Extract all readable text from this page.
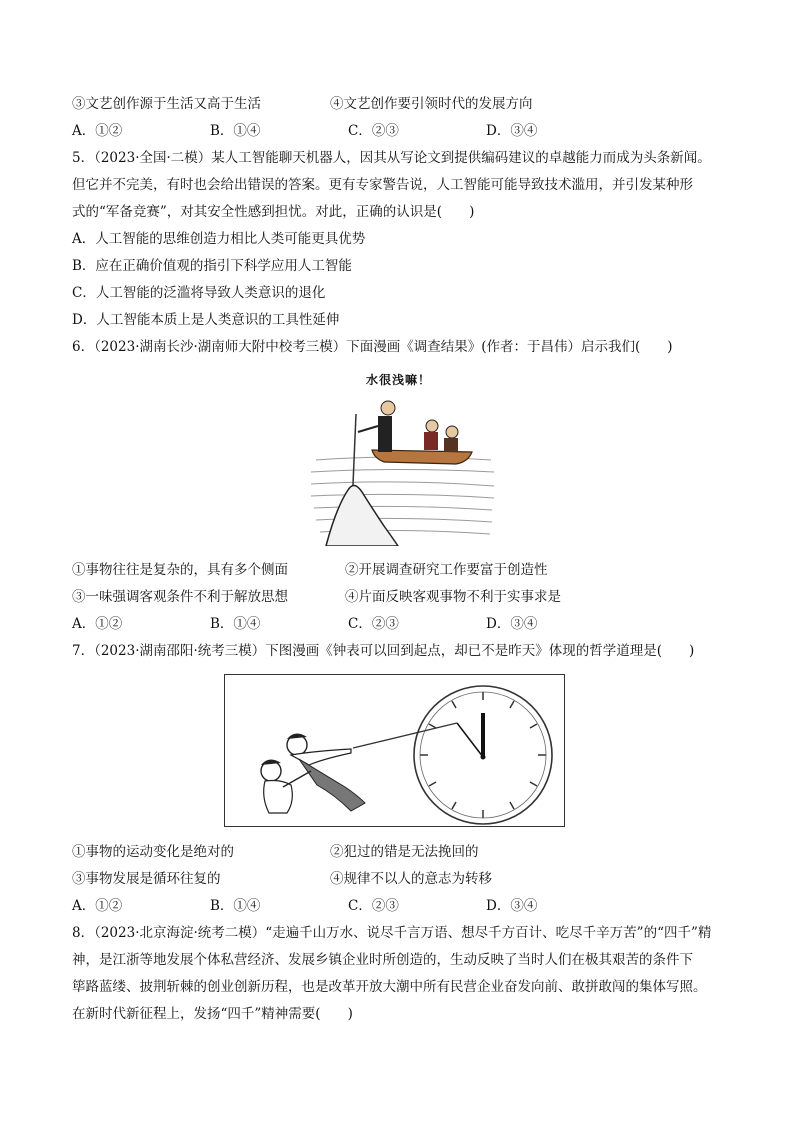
③文艺创作源于生活又高于生活	④文艺创作要引领时代的发展方向
A．①②	B．①④	C．②③	D．③④
5．（2023·全国·二模）某人工智能聊天机器人，因其从写论文到提供编码建议的卓越能力而成为头条新闻。
但它并不完美，有时也会给出错误的答案。更有专家警告说，人工智能可能导致技术滥用，并引发某种形
式的“军备竞赛”，对其安全性感到担忧。对此，正确的认识是(　　)
A．人工智能的思维创造力相比人类可能更具优势
B．应在正确价值观的指引下科学应用人工智能
C．人工智能的泛滥将导致人类意识的退化
D．人工智能本质上是人类意识的工具性延伸
6．（2023·湖南长沙·湖南师大附中校考三模）下面漫画《调查结果》(作者：于昌伟）启示我们(　　)
水很浅嘛！
①事物往往是复杂的，具有多个侧面	②开展调查研究工作要富于创造性
③一味强调客观条件不利于解放思想	④片面反映客观事物不利于实事求是
A．①②	B．①④	C．②③	D．③④
7．（2023·湖南邵阳·统考三模）下图漫画《钟表可以回到起点，却已不是昨天》体现的哲学道理是(　　)
①事物的运动变化是绝对的	②犯过的错是无法挽回的
③事物发展是循环往复的	④规律不以人的意志为转移
A．①②	B．①④	C．②③	D．③④
8．（2023·北京海淀·统考二模）“走遍千山万水、说尽千言万语、想尽千方百计、吃尽千辛万苦”的“四千”精
神，是江浙等地发展个体私营经济、发展乡镇企业时所创造的，生动反映了当时人们在极其艰苦的条件下
筚路蓝缕、披荆斩棘的创业创新历程，也是改革开放大潮中所有民营企业奋发向前、敢拼敢闯的集体写照。
在新时代新征程上，发扬“四千”精神需要(　　)
